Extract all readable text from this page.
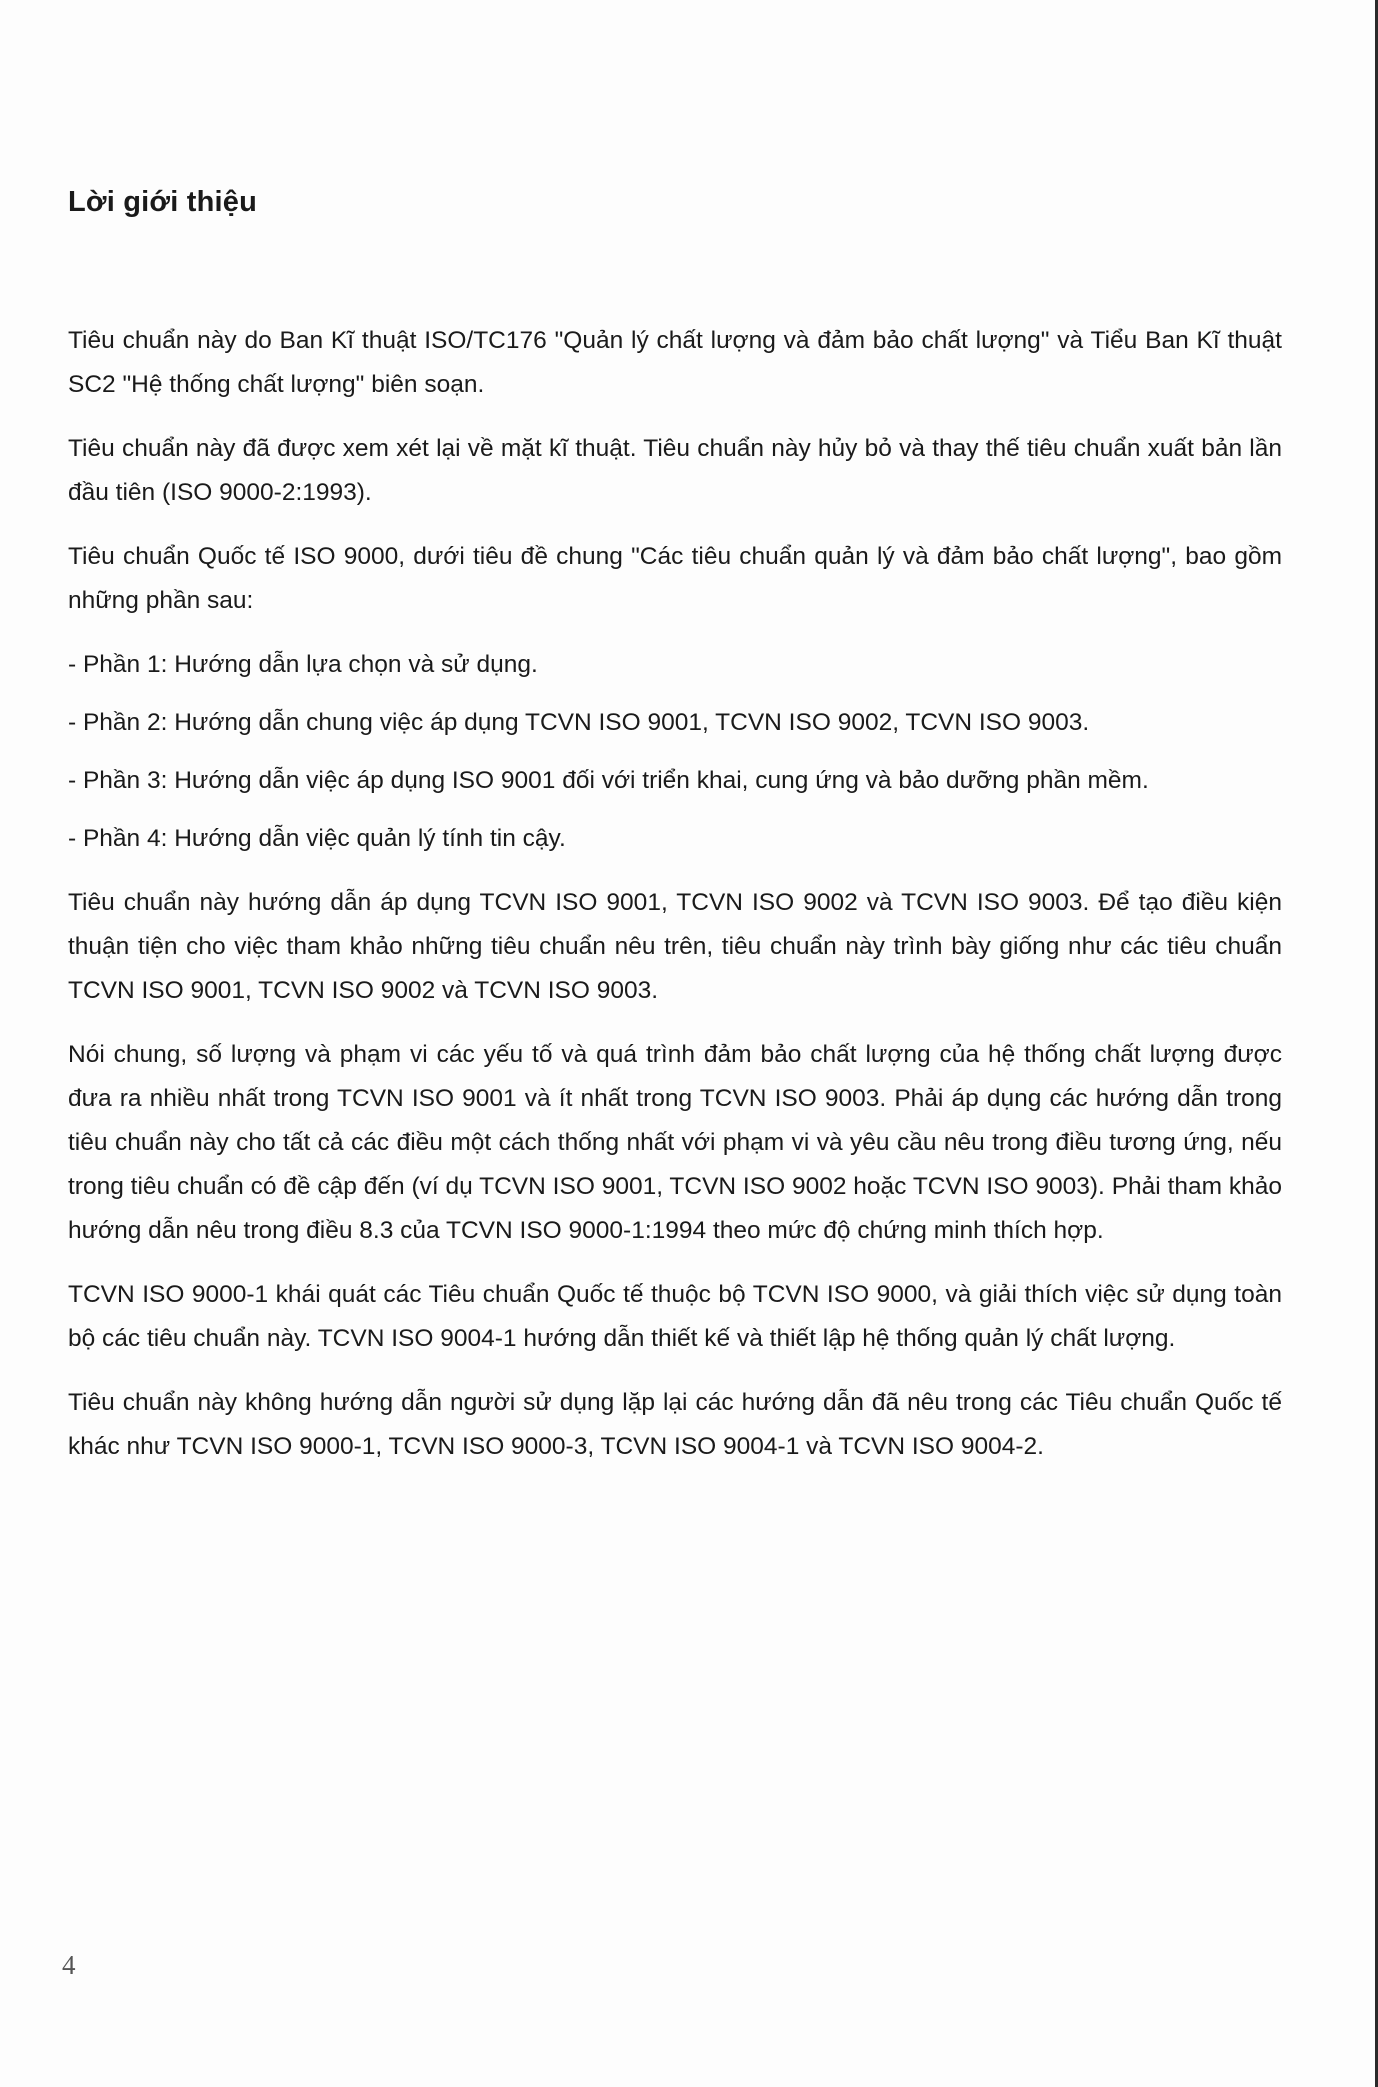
Lời giới thiệu

Tiêu chuẩn này do Ban Kĩ thuật ISO/TC176 "Quản lý chất lượng và đảm bảo chất lượng" và Tiểu Ban Kĩ thuật SC2 "Hệ thống chất lượng" biên soạn.

Tiêu chuẩn này đã được xem xét lại về mặt kĩ thuật. Tiêu chuẩn này hủy bỏ và thay thế tiêu chuẩn xuất bản lần đầu tiên (ISO 9000-2:1993).

Tiêu chuẩn Quốc tế ISO 9000, dưới tiêu đề chung "Các tiêu chuẩn quản lý và đảm bảo chất lượng", bao gồm những phần sau:

- Phần 1: Hướng dẫn lựa chọn và sử dụng.

- Phần 2: Hướng dẫn chung việc áp dụng TCVN ISO 9001, TCVN ISO 9002, TCVN ISO 9003.

- Phần 3: Hướng dẫn việc áp dụng ISO 9001 đối với triển khai, cung ứng và bảo dưỡng phần mềm.

- Phần 4: Hướng dẫn việc quản lý tính tin cậy.

Tiêu chuẩn này hướng dẫn áp dụng TCVN ISO 9001, TCVN ISO 9002 và TCVN ISO 9003. Để tạo điều kiện thuận tiện cho việc tham khảo những tiêu chuẩn nêu trên, tiêu chuẩn này trình bày giống như các tiêu chuẩn TCVN ISO 9001, TCVN ISO 9002 và TCVN ISO 9003.

Nói chung, số lượng và phạm vi các yếu tố và quá trình đảm bảo chất lượng của hệ thống chất lượng được đưa ra nhiều nhất trong TCVN ISO 9001 và ít nhất trong TCVN ISO 9003. Phải áp dụng các hướng dẫn trong tiêu chuẩn này cho tất cả các điều một cách thống nhất với phạm vi và yêu cầu nêu trong điều tương ứng, nếu trong tiêu chuẩn có đề cập đến (ví dụ TCVN ISO 9001, TCVN ISO 9002 hoặc TCVN ISO 9003). Phải tham khảo hướng dẫn nêu trong điều 8.3 của TCVN ISO 9000-1:1994 theo mức độ chứng minh thích hợp.

TCVN ISO 9000-1 khái quát các Tiêu chuẩn Quốc tế thuộc bộ TCVN ISO 9000, và giải thích việc sử dụng toàn bộ các tiêu chuẩn này. TCVN ISO 9004-1 hướng dẫn thiết kế và thiết lập hệ thống quản lý chất lượng.

Tiêu chuẩn này không hướng dẫn người sử dụng lặp lại các hướng dẫn đã nêu trong các Tiêu chuẩn Quốc tế khác như TCVN ISO 9000-1, TCVN ISO 9000-3, TCVN ISO 9004-1 và TCVN ISO 9004-2.

4
